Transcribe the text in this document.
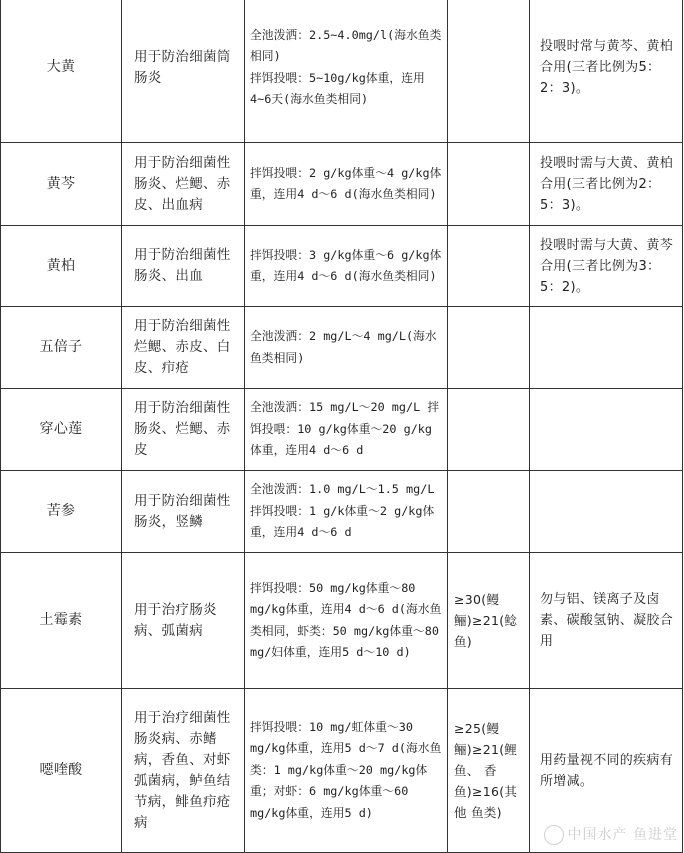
大黄	用于防治细菌筒肠炎	全池泼洒：2.5~4.0mg/l(海水鱼类相同)
拌饵投喂：5~10g/kg体重，连用4~6天(海水鱼类相同)		投喂时常与黄芩、黄柏合用(三者比例为5：2：3)。
黄芩	用于防治细菌性肠炎、烂鳃、赤皮、出血病	拌饵投喂：2 g/kg体重～4 g/kg体重，连用4 d～6 d(海水鱼类相同)		投喂时需与大黄、黄柏合用(三者比例为2：5：3)。
黄柏	用于防治细菌性肠炎、出血	拌饵投喂：3 g/kg体重～6 g/kg体重，连用4 d～6 d(海水鱼类相同)		投喂时需与大黄、黄芩合用(三者比例为3：5：2)。
五倍子	用于防治细菌性烂鳃、赤皮、白皮、疖疮	全池泼洒：2 mg/L～4 mg/L(海水鱼类相同)		
穿心莲	用于防治细菌性肠炎、烂鳃、赤皮	全池泼洒：15 mg/L～20 mg/L 拌饵投喂：10 g/kg体重～20 g/kg体重，连用4 d～6 d		
苦参	用于防治细菌性肠炎，竖鳞	全池泼洒：1.0 mg/L～1.5 mg/L 拌饵投喂：1 g/k体重～2 g/kg体重，连用4 d～6 d		
土霉素	用于治疗肠炎病、弧菌病	拌饵投喂：50 mg/kg体重～80 mg/kg体重，连用4 d～6 d(海水鱼类相同，虾类：50 mg/kg体重～80 mg/妇体重，连用5 d～10 d)	≥30(鳗鲡)≥21(鲶鱼)	勿与铝、镁离子及卤素、碳酸氢钠、凝胶合用
噁喹酸	用于治疗细菌性肠炎病、赤鳍病，香鱼、对虾弧菌病，鲈鱼结节病，鲱鱼疖疮病	拌饵投喂：10 mg/虹体重～30 mg/kg体重，连用5 d～7 d(海水鱼类：1 mg/kg体重～20 mg/kg体重；对虾：6 mg/kg体重～60 mg/kg体重，连用5 d)	≥25(鳗鲡)≥21(鲤鱼、 香鱼)≥16(其他 鱼类)	用药量视不同的疾病有所增减。
中国水产 鱼进堂
